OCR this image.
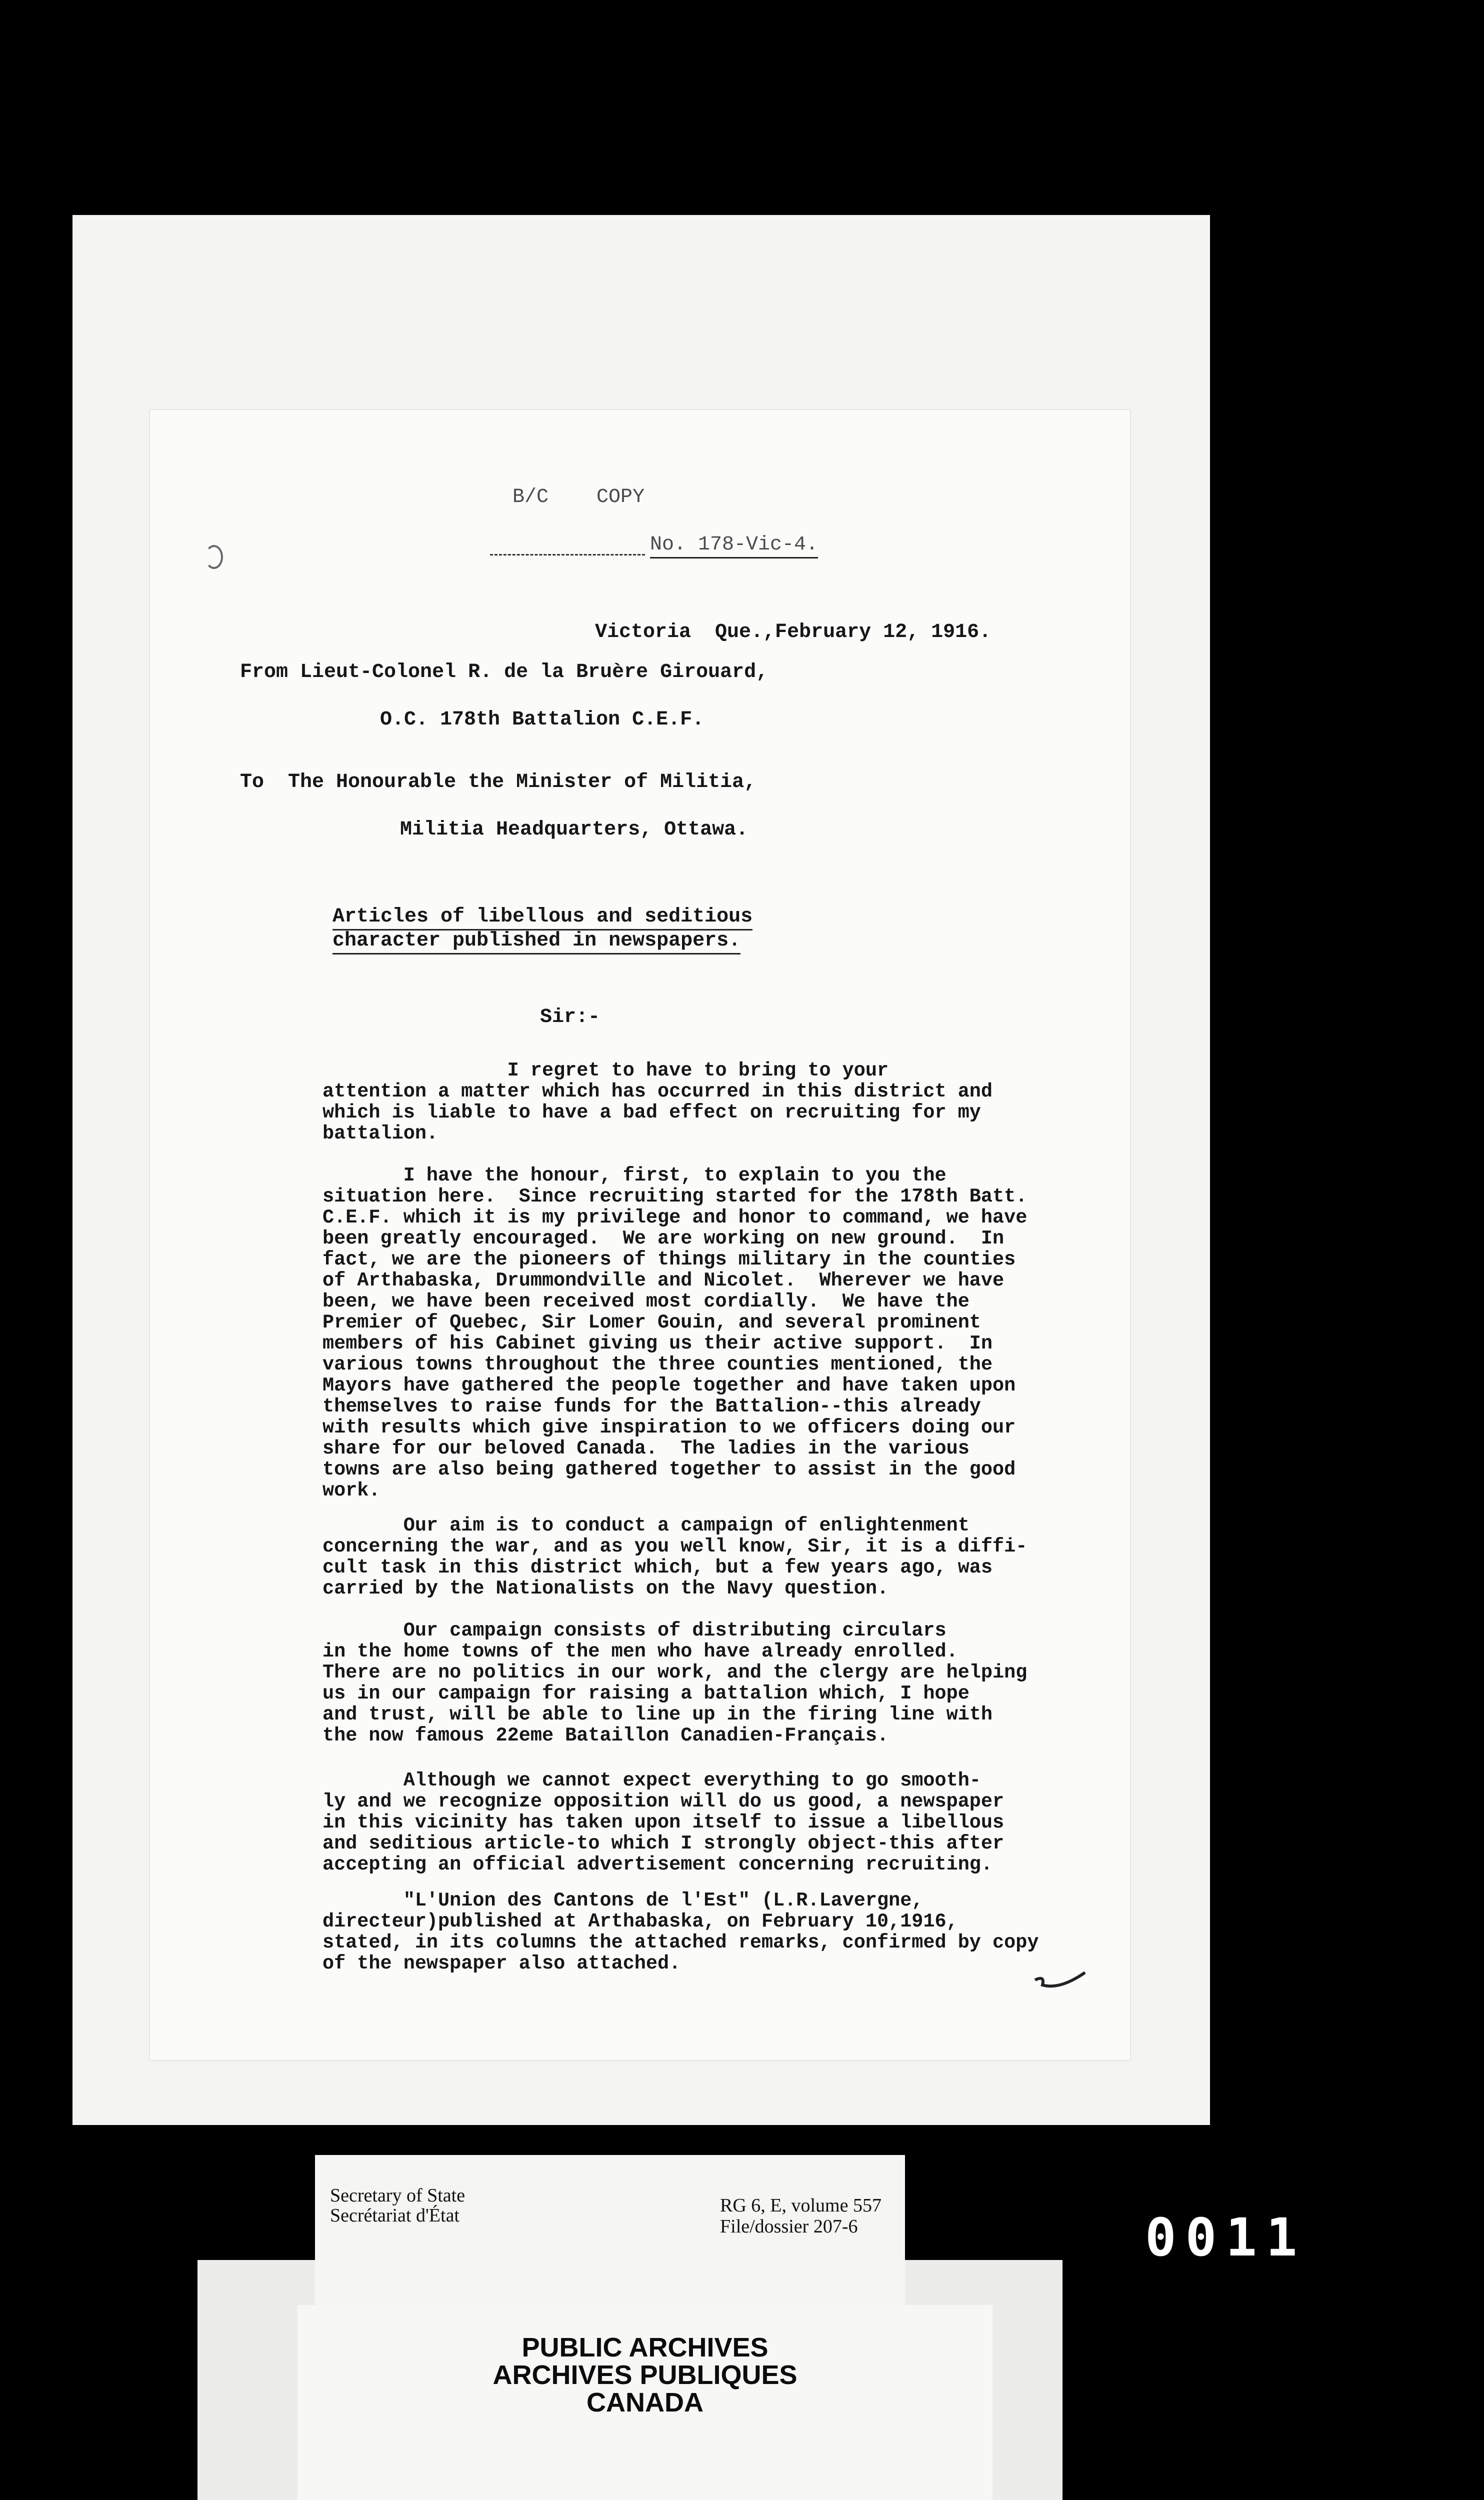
B/C    COPY
No. 178-Vic-4.
Victoria  Que.,February 12, 1916.
From Lieut-Colonel R. de la Bruère Girouard,
O.C. 178th Battalion C.E.F.
To  The Honourable the Minister of Militia,
Militia Headquarters, Ottawa.
Articles of libellous and seditious
character published in newspapers.
Sir:-
I regret to have to bring to your
attention a matter which has occurred in this district and
which is liable to have a bad effect on recruiting for my
battalion.
I have the honour, first, to explain to you the
situation here.  Since recruiting started for the 178th Batt.
C.E.F. which it is my privilege and honor to command, we have
been greatly encouraged.  We are working on new ground.  In
fact, we are the pioneers of things military in the counties
of Arthabaska, Drummondville and Nicolet.  Wherever we have
been, we have been received most cordially.  We have the
Premier of Quebec, Sir Lomer Gouin, and several prominent
members of his Cabinet giving us their active support.  In
various towns throughout the three counties mentioned, the
Mayors have gathered the people together and have taken upon
themselves to raise funds for the Battalion--this already
with results which give inspiration to we officers doing our
share for our beloved Canada.  The ladies in the various
towns are also being gathered together to assist in the good
work.
Our aim is to conduct a campaign of enlightenment
concerning the war, and as you well know, Sir, it is a diffi-
cult task in this district which, but a few years ago, was
carried by the Nationalists on the Navy question.
Our campaign consists of distributing circulars
in the home towns of the men who have already enrolled.
There are no politics in our work, and the clergy are helping
us in our campaign for raising a battalion which, I hope
and trust, will be able to line up in the firing line with
the now famous 22eme Bataillon Canadien-Français.
Although we cannot expect everything to go smooth-
ly and we recognize opposition will do us good, a newspaper
in this vicinity has taken upon itself to issue a libellous
and seditious article-to which I strongly object-this after
accepting an official advertisement concerning recruiting.
"L'Union des Cantons de l'Est" (L.R.Lavergne,
directeur)published at Arthabaska, on February 10,1916,
stated, in its columns the attached remarks, confirmed by copy
of the newspaper also attached.
Secretary of State
Secrétariat d'État	RG 6, E, volume 557
File/dossier 207-6
PUBLIC ARCHIVES
ARCHIVES PUBLIQUES
CANADA
0011
